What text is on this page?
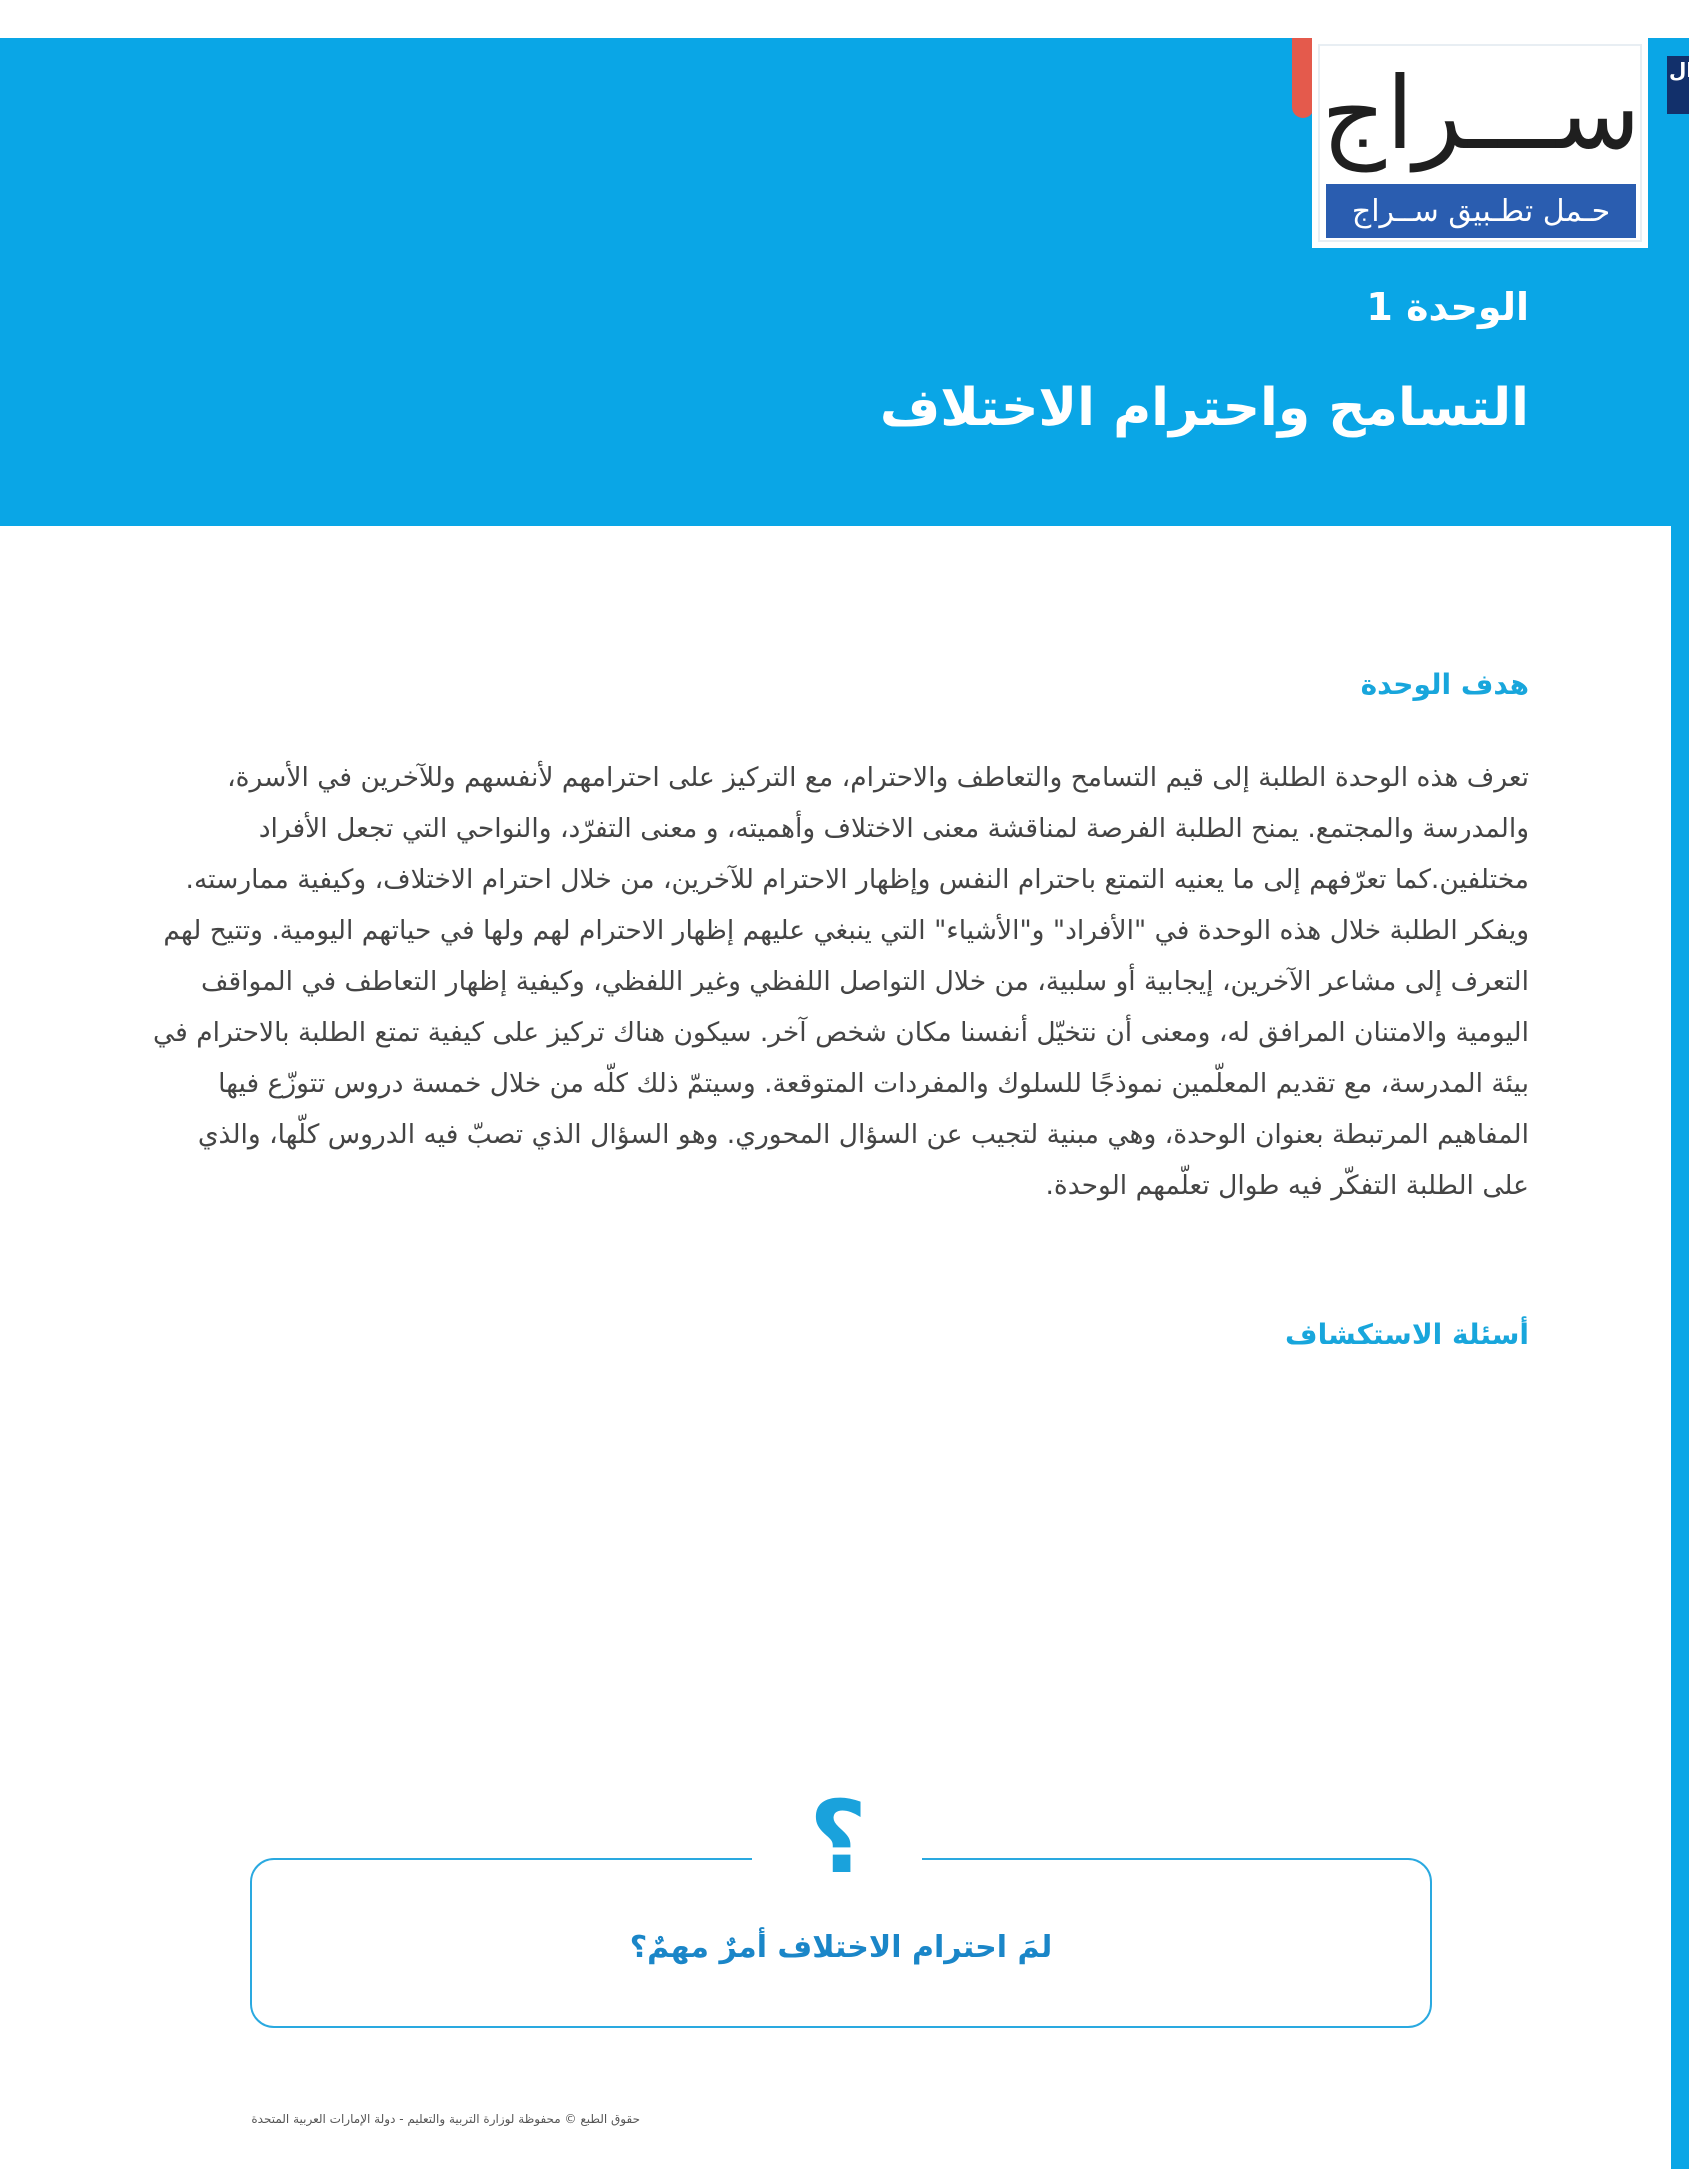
ال
ســـراج
حـمل تطـبيق ســراج
الوحدة 1
التسامح واحترام الاختلاف
هدف الوحدة

تعرف هذه الوحدة الطلبة إلى قيم التسامح والتعاطف والاحترام، مع التركيز على احترامهم لأنفسهم وللآخرين في الأسرة، والمدرسة والمجتمع. يمنح الطلبة الفرصة لمناقشة معنى الاختلاف وأهميته، و معنى التفرّد، والنواحي التي تجعل الأفراد مختلفين.كما تعرّفهم إلى ما يعنيه التمتع باحترام النفس وإظهار الاحترام للآخرين، من خلال احترام الاختلاف، وكيفية ممارسته. ويفكر الطلبة خلال هذه الوحدة في "الأفراد" و"الأشياء" التي ينبغي عليهم إظهار الاحترام لهم ولها في حياتهم اليومية. وتتيح لهم التعرف إلى مشاعر الآخرين، إيجابية أو سلبية، من خلال التواصل اللفظي وغير اللفظي، وكيفية إظهار التعاطف في المواقف اليومية والامتنان المرافق له، ومعنى أن نتخيّل أنفسنا مكان شخص آخر. سيكون هناك تركيز على كيفية تمتع الطلبة بالاحترام في بيئة المدرسة، مع تقديم المعلّمين نموذجًا للسلوك والمفردات المتوقعة. وسيتمّ ذلك كلّه من خلال خمسة دروس تتوزّع فيها المفاهيم المرتبطة بعنوان الوحدة، وهي مبنية لتجيب عن السؤال المحوري. وهو السؤال الذي تصبّ فيه الدروس كلّها، والذي على الطلبة التفكّر فيه طوال تعلّمهم الوحدة.

أسئلة الاستكشاف
؟
لمَ احترام الاختلاف أمرٌ مهمٌ؟
حقوق الطبع © محفوظة لوزارة التربية والتعليم - دولة الإمارات العربية المتحدة
